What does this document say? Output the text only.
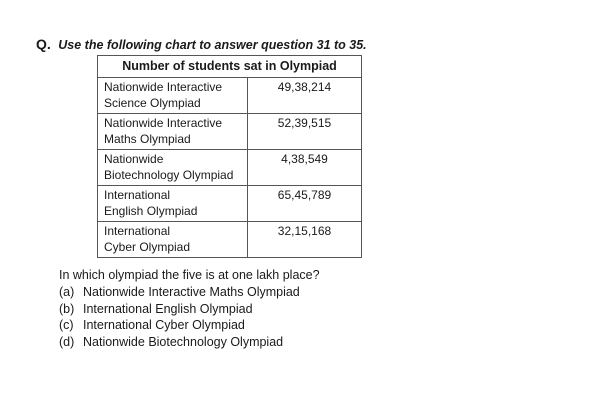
Q. Use the following chart to answer question 31 to 35.
Number of students sat in Olympiad	

Nationwide Interactive
Science Olympiad	49,38,214

Nationwide Interactive
Maths Olympiad	52,39,515

Nationwide
Biotechnology Olympiad	4,38,549

International
English Olympiad	65,45,789

International
Cyber Olympiad	32,15,168
In which olympiad the five is at one lakh place?
(a) Nationwide Interactive Maths Olympiad
(b) International English Olympiad
(c) International Cyber Olympiad
(d) Nationwide Biotechnology Olympiad
